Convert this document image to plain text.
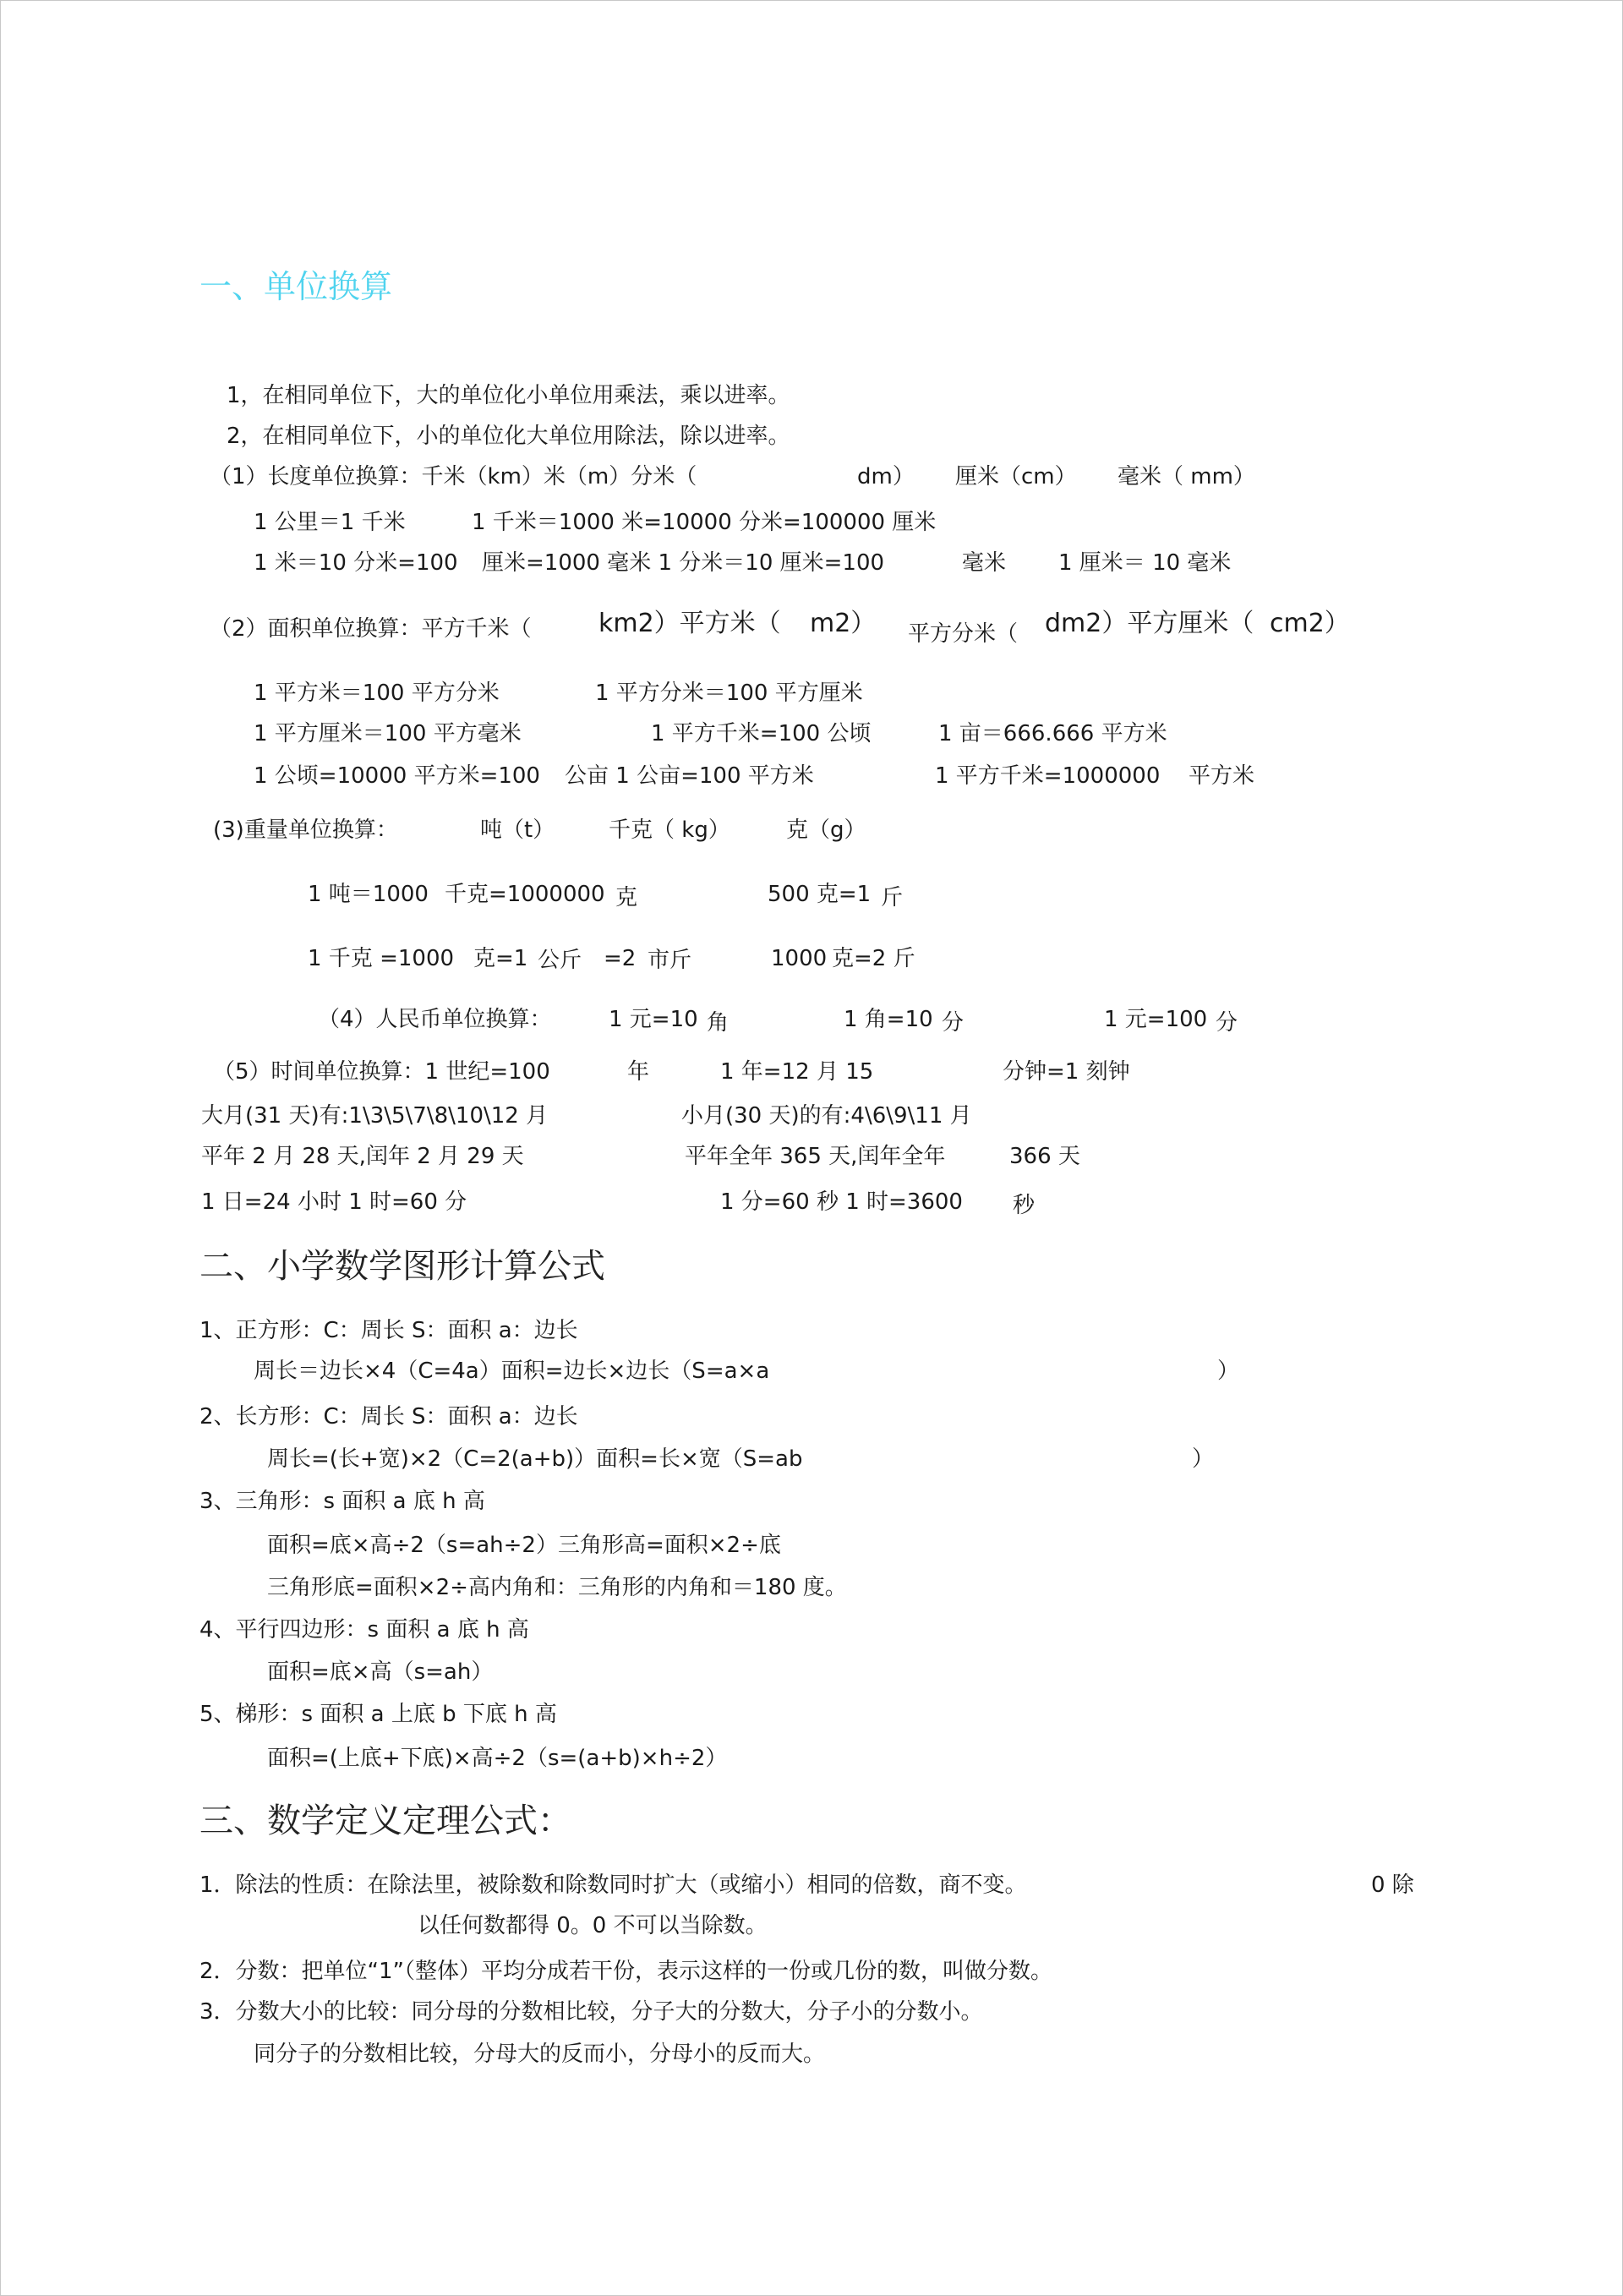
一、单位换算
1，在相同单位下，大的单位化小单位用乘法，乘以进率。
2，在相同单位下，小的单位化大单位用除法，除以进率。
（1）长度单位换算：千米（km）米（m）分米（	dm） 厘米（cm） 毫米（ mm）
1 公里＝1 千米	1 千米＝1000 米=10000 分米=100000 厘米
1 米＝10 分米=100 厘米=1000 毫米 1 分米＝10 厘米=100	毫米 1 厘米＝ 10 毫米
（2）面积单位换算：平方千米（	km2）平方米（ m2） 平方分米（ dm2）平方厘米（ cm2）
1 平方米＝100 平方分米	1 平方分米＝100 平方厘米
1 平方厘米＝100 平方毫米	1 平方千米=100 公顷	1 亩＝666.666 平方米
1 公顷=10000 平方米=100 公亩 1 公亩=100 平方米	1 平方千米=1000000 平方米
(3)重量单位换算：	吨（t） 千克（ kg）	克（g）
1 吨＝1000 千克=1000000 克	500 克=1 斤
1 千克 =1000 克=1 公斤 =2 市斤	1000 克=2 斤
（4）人民币单位换算：	1 元=10 角	1 角=10 分	1 元=100 分
（5）时间单位换算：1 世纪=100	年	1 年=12 月 15	分钟=1 刻钟
大月(31 天)有:1\3\5\7\8\10\12 月	小月(30 天)的有:4\6\9\11 月
平年 2 月 28 天,闰年 2 月 29 天	平年全年 365 天,闰年全年	366 天
1 日=24 小时 1 时=60 分	1 分=60 秒 1 时=3600 秒
二、小学数学图形计算公式
1、正方形：C：周长 S：面积 a：边长
周长＝边长×4（C=4a）面积=边长×边长（S=a×a	）
2、长方形：C：周长 S：面积 a：边长
周长=(长+宽)×2（C=2(a+b)）面积=长×宽（S=ab	）
3、三角形：s 面积 a 底 h 高
面积=底×高÷2（s=ah÷2）三角形高=面积×2÷底
三角形底=面积×2÷高内角和：三角形的内角和＝180 度。
4、平行四边形：s 面积 a 底 h 高
面积=底×高（s=ah）
5、梯形：s 面积 a 上底 b 下底 h 高
面积=(上底+下底)×高÷2（s=(a+b)×h÷2）
三、数学定义定理公式：
1．除法的性质：在除法里，被除数和除数同时扩大（或缩小）相同的倍数，商不变。	0 除
以任何数都得 0。0 不可以当除数。
2．分数：把单位“1”（整体）平均分成若干份，表示这样的一份或几份的数，叫做分数。
3．分数大小的比较：同分母的分数相比较，分子大的分数大，分子小的分数小。
同分子的分数相比较，分母大的反而小，分母小的反而大。
